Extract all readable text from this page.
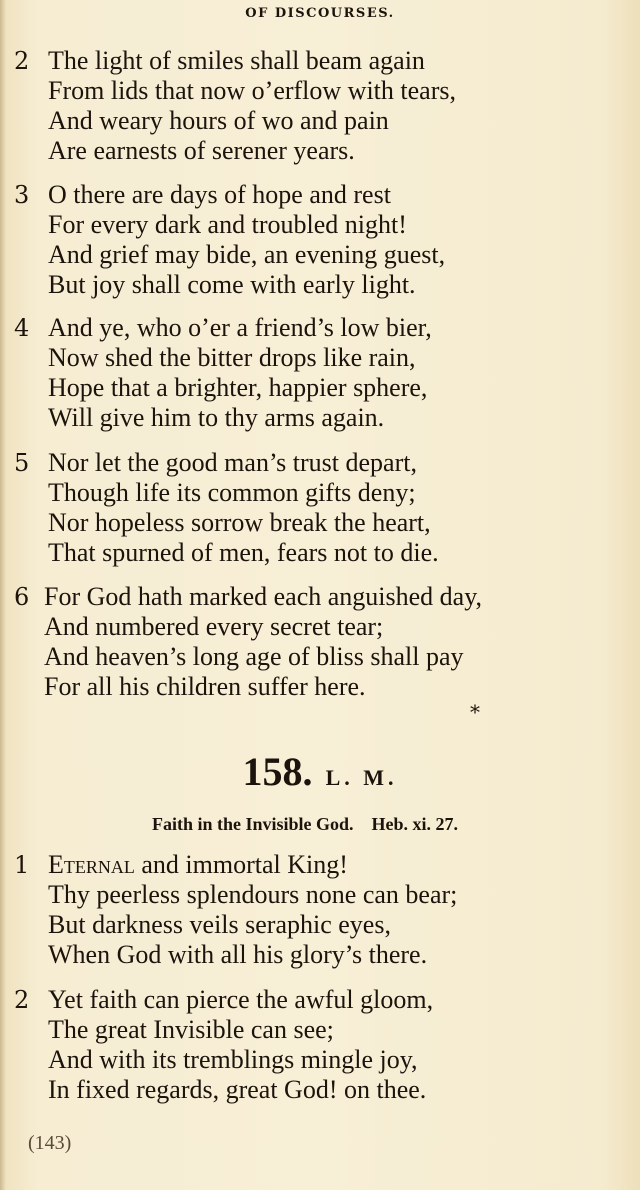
OF DISCOURSES.
2 The light of smiles shall beam again
From lids that now o’erflow with tears,
And weary hours of wo and pain
Are earnests of serener years.
3 O there are days of hope and rest
For every dark and troubled night!
And grief may bide, an evening guest,
But joy shall come with early light.
4 And ye, who o’er a friend’s low bier,
Now shed the bitter drops like rain,
Hope that a brighter, happier sphere,
Will give him to thy arms again.
5 Nor let the good man’s trust depart,
Though life its common gifts deny;
Nor hopeless sorrow break the heart,
That spurned of men, fears not to die.
6 For God hath marked each anguished day,
And numbered every secret tear;
And heaven’s long age of bliss shall pay
For all his children suffer here.
*
158. L. M.
Faith in the Invisible God.    Heb. xi. 27.
1 Eternal and immortal King!
Thy peerless splendours none can bear;
But darkness veils seraphic eyes,
When God with all his glory’s there.
2 Yet faith can pierce the awful gloom,
The great Invisible can see;
And with its tremblings mingle joy,
In fixed regards, great God! on thee.
(143)
